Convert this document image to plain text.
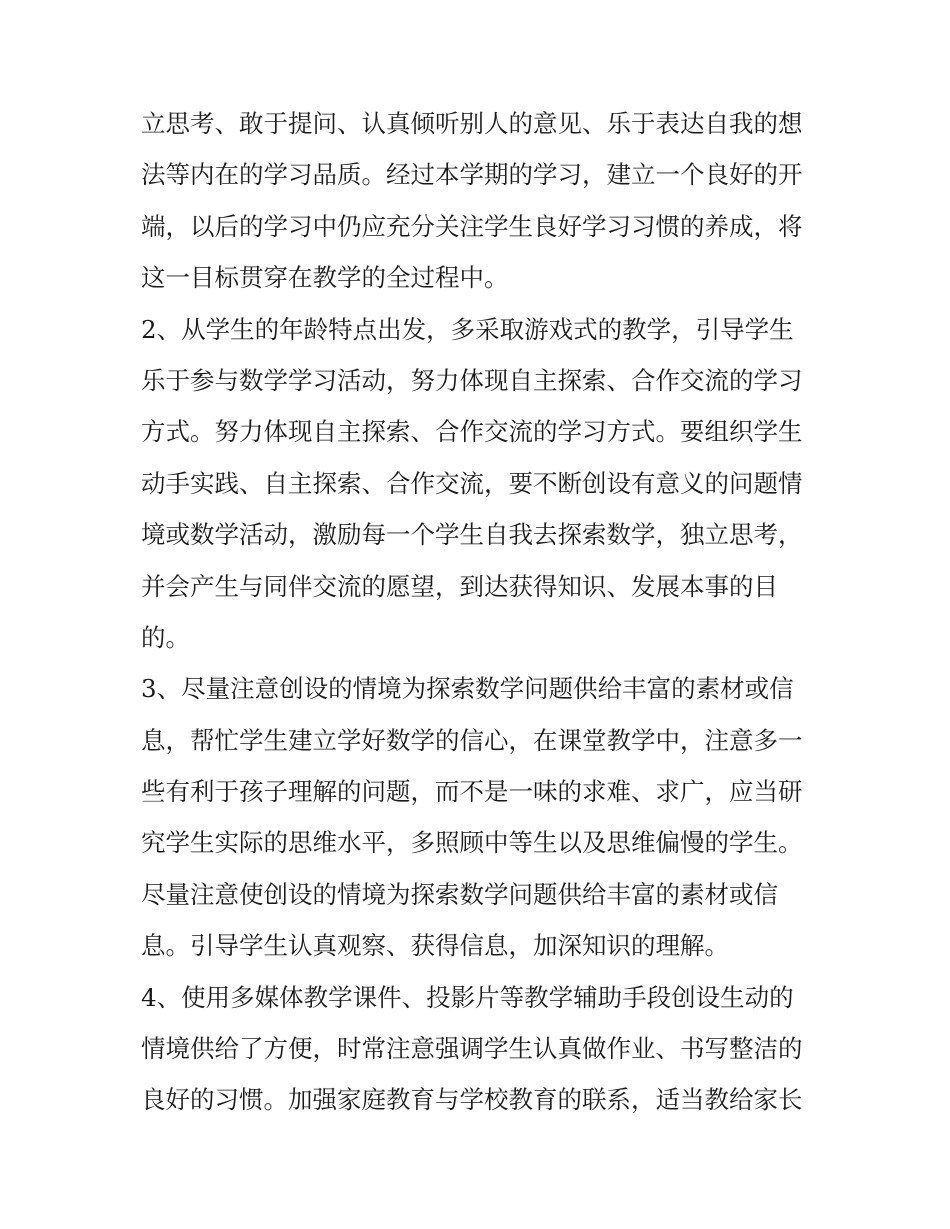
立思考、敢于提问、认真倾听别人的意见、乐于表达自我的想
法等内在的学习品质。经过本学期的学习，建立一个良好的开
端，以后的学习中仍应充分关注学生良好学习习惯的养成，将
这一目标贯穿在教学的全过程中。
2、从学生的年龄特点出发，多采取游戏式的教学，引导学生
乐于参与数学学习活动，努力体现自主探索、合作交流的学习
方式。努力体现自主探索、合作交流的学习方式。要组织学生
动手实践、自主探索、合作交流，要不断创设有意义的问题情
境或数学活动，激励每一个学生自我去探索数学，独立思考，
并会产生与同伴交流的愿望，到达获得知识、发展本事的目
的。
3、尽量注意创设的情境为探索数学问题供给丰富的素材或信
息，帮忙学生建立学好数学的信心，在课堂教学中，注意多一
些有利于孩子理解的问题，而不是一味的求难、求广，应当研
究学生实际的思维水平，多照顾中等生以及思维偏慢的学生。
尽量注意使创设的情境为探索数学问题供给丰富的素材或信
息。引导学生认真观察、获得信息，加深知识的理解。
4、使用多媒体教学课件、投影片等教学辅助手段创设生动的
情境供给了方便，时常注意强调学生认真做作业、书写整洁的
良好的习惯。加强家庭教育与学校教育的联系，适当教给家长
